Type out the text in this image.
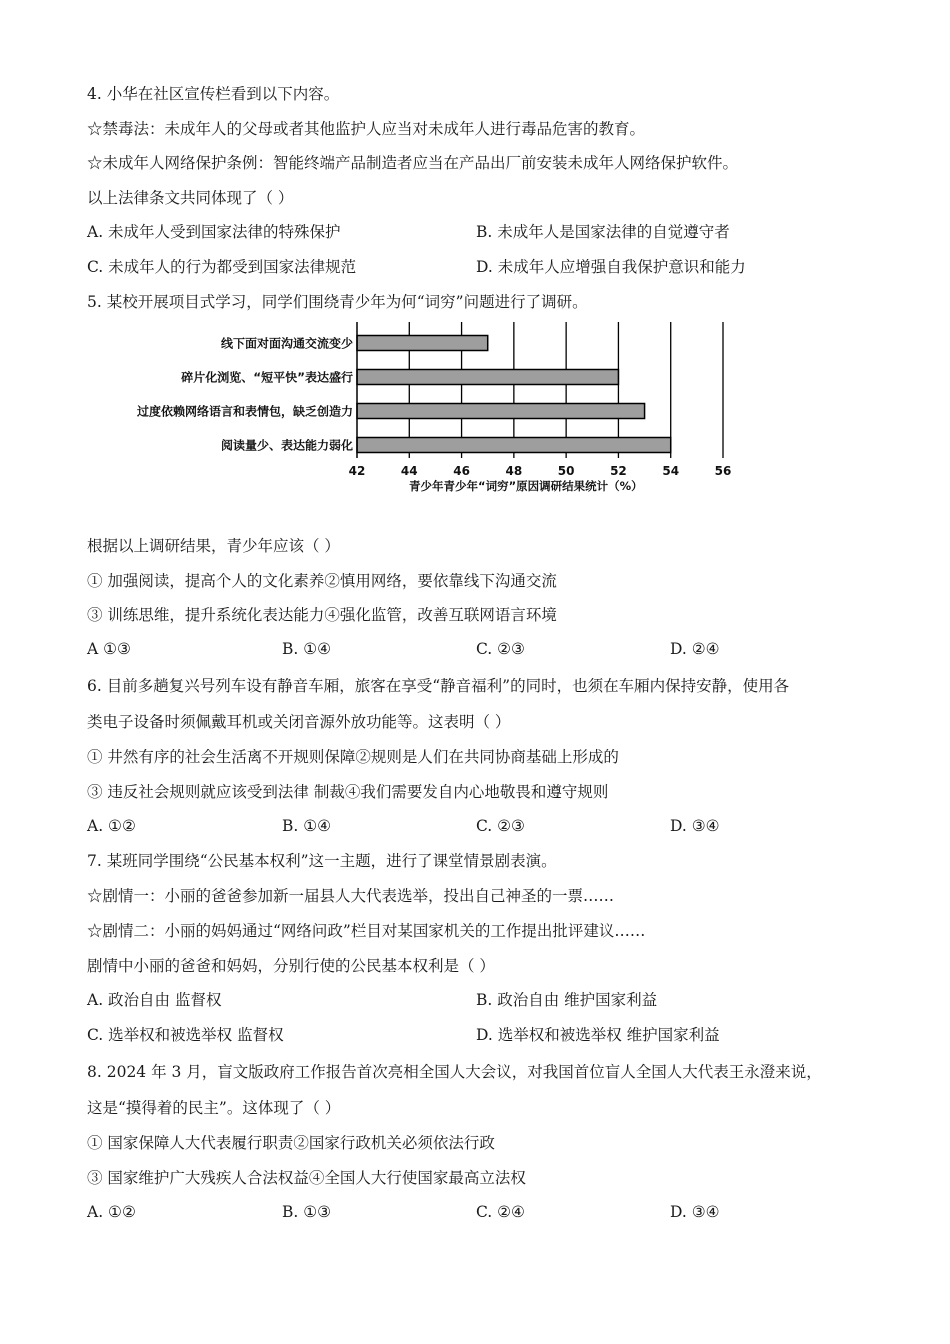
4. 小华在社区宣传栏看到以下内容。
☆禁毒法：未成年人的父母或者其他监护人应当对未成年人进行毒品危害的教育。
☆未成年人网络保护条例：智能终端产品制造者应当在产品出厂前安装未成年人网络保护软件。
以上法律条文共同体现了（ ）
A. 未成年人受到国家法律的特殊保护	B. 未成年人是国家法律的自觉遵守者
C. 未成年人的行为都受到国家法律规范	D. 未成年人应增强自我保护意识和能力
5. 某校开展项目式学习，同学们围绕青少年为何“词穷”问题进行了调研。
线下面对面沟通交流变少
碎片化浏览、“短平快”表达盛行
过度依赖网络语言和表情包，缺乏创造力
阅读量少、表达能力弱化
42	44	46	48	50	52	54	56
青少年青少年“词穷”原因调研结果统计（%）
根据以上调研结果，青少年应该（ ）
① 加强阅读，提高个人的文化素养②慎用网络，要依靠线下沟通交流
③ 训练思维，提升系统化表达能力④强化监管，改善互联网语言环境
A ①③	B. ①④	C. ②③	D. ②④
6. 目前多趟复兴号列车设有静音车厢，旅客在享受“静音福利”的同时，也须在车厢内保持安静，使用各
类电子设备时须佩戴耳机或关闭音源外放功能等。这表明（ ）
① 井然有序的社会生活离不开规则保障②规则是人们在共同协商基础上形成的
③ 违反社会规则就应该受到法律 制裁④我们需要发自内心地敬畏和遵守规则
A. ①②	B. ①④	C. ②③	D. ③④
7. 某班同学围绕“公民基本权利”这一主题，进行了课堂情景剧表演。
☆剧情一：小丽的爸爸参加新一届县人大代表选举，投出自己神圣的一票……
☆剧情二：小丽的妈妈通过“网络问政”栏目对某国家机关的工作提出批评建议……
剧情中小丽的爸爸和妈妈，分别行使的公民基本权利是（ ）
A. 政治自由 监督权	B. 政治自由 维护国家利益
C. 选举权和被选举权 监督权	D. 选举权和被选举权 维护国家利益
8. 2024 年 3 月，盲文版政府工作报告首次亮相全国人大会议，对我国首位盲人全国人大代表王永澄来说，
这是“摸得着的民主”。这体现了（ ）
① 国家保障人大代表履行职责②国家行政机关必须依法行政
③ 国家维护广大残疾人合法权益④全国人大行使国家最高立法权
A. ①②	B. ①③	C. ②④	D. ③④
